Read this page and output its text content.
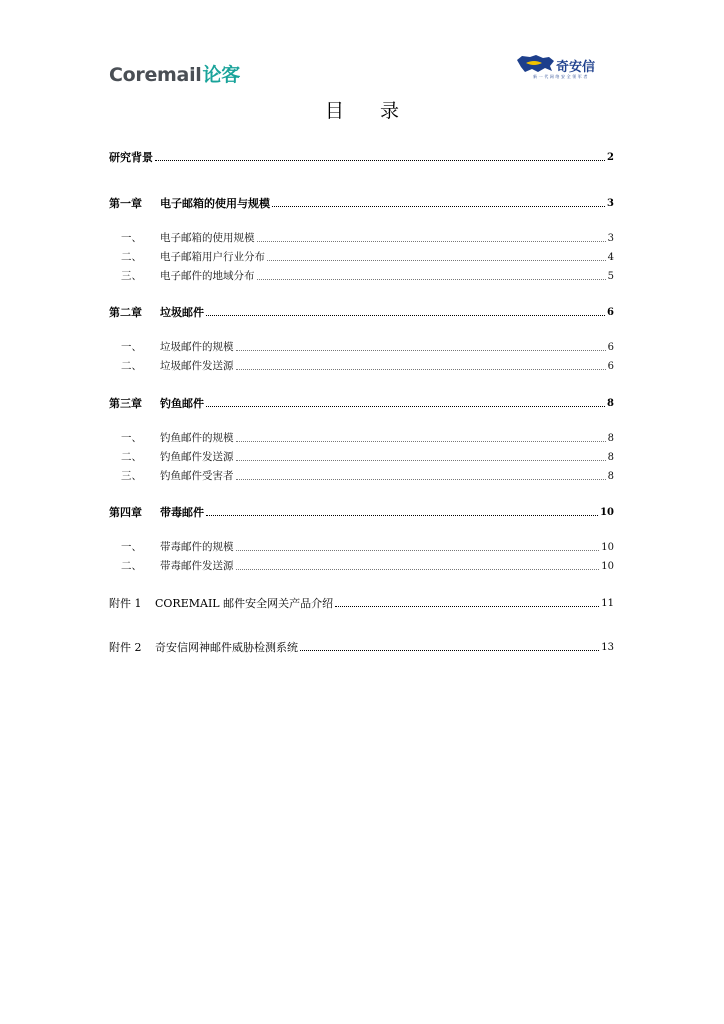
Coremail论客	奇安信
新一代网络安全领军者
目录
研究背景	2
第一章	电子邮箱的使用与规模	3
一、	电子邮箱的使用规模	3
二、	电子邮箱用户行业分布	4
三、	电子邮件的地域分布	5
第二章	垃圾邮件	6
一、	垃圾邮件的规模	6
二、	垃圾邮件发送源	6
第三章	钓鱼邮件	8
一、	钓鱼邮件的规模	8
二、	钓鱼邮件发送源	8
三、	钓鱼邮件受害者	8
第四章	带毒邮件	10
一、	带毒邮件的规模	10
二、	带毒邮件发送源	10
附件 1	COREMAIL 邮件安全网关产品介绍	11
附件 2	奇安信网神邮件威胁检测系统	13
